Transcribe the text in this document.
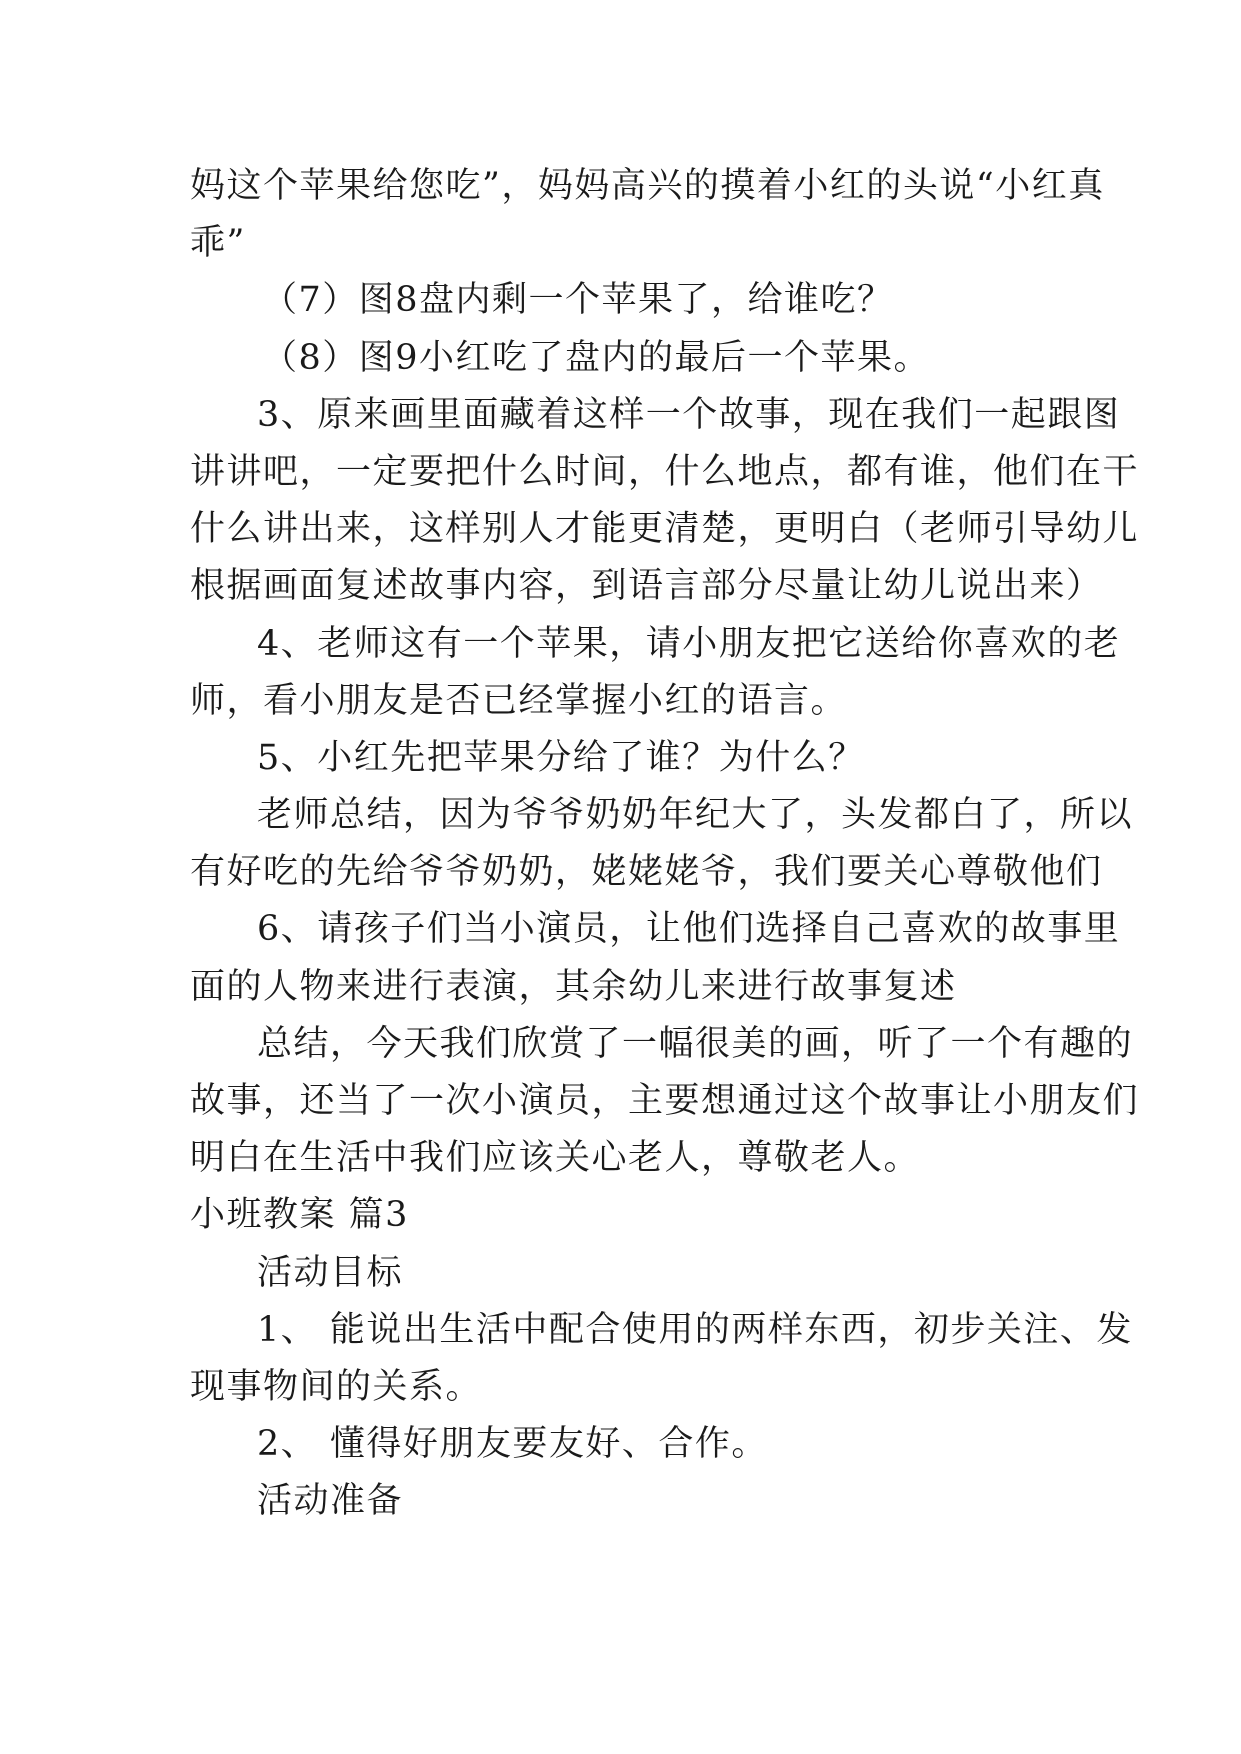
妈这个苹果给您吃”，妈妈高兴的摸着小红的头说“小红真
乖”
（7）图8盘内剩一个苹果了，给谁吃？
（8）图9小红吃了盘内的最后一个苹果。
3、原来画里面藏着这样一个故事，现在我们一起跟图
讲讲吧，一定要把什么时间，什么地点，都有谁，他们在干
什么讲出来，这样别人才能更清楚，更明白（老师引导幼儿
根据画面复述故事内容，到语言部分尽量让幼儿说出来）
4、老师这有一个苹果，请小朋友把它送给你喜欢的老
师，看小朋友是否已经掌握小红的语言。
5、小红先把苹果分给了谁？为什么？
老师总结，因为爷爷奶奶年纪大了，头发都白了，所以
有好吃的先给爷爷奶奶，姥姥姥爷，我们要关心尊敬他们
6、请孩子们当小演员，让他们选择自己喜欢的故事里
面的人物来进行表演，其余幼儿来进行故事复述
总结，今天我们欣赏了一幅很美的画，听了一个有趣的
故事，还当了一次小演员，主要想通过这个故事让小朋友们
明白在生活中我们应该关心老人，尊敬老人。
小班教案 篇3
活动目标
1、 能说出生活中配合使用的两样东西，初步关注、发
现事物间的关系。
2、 懂得好朋友要友好、合作。
活动准备
